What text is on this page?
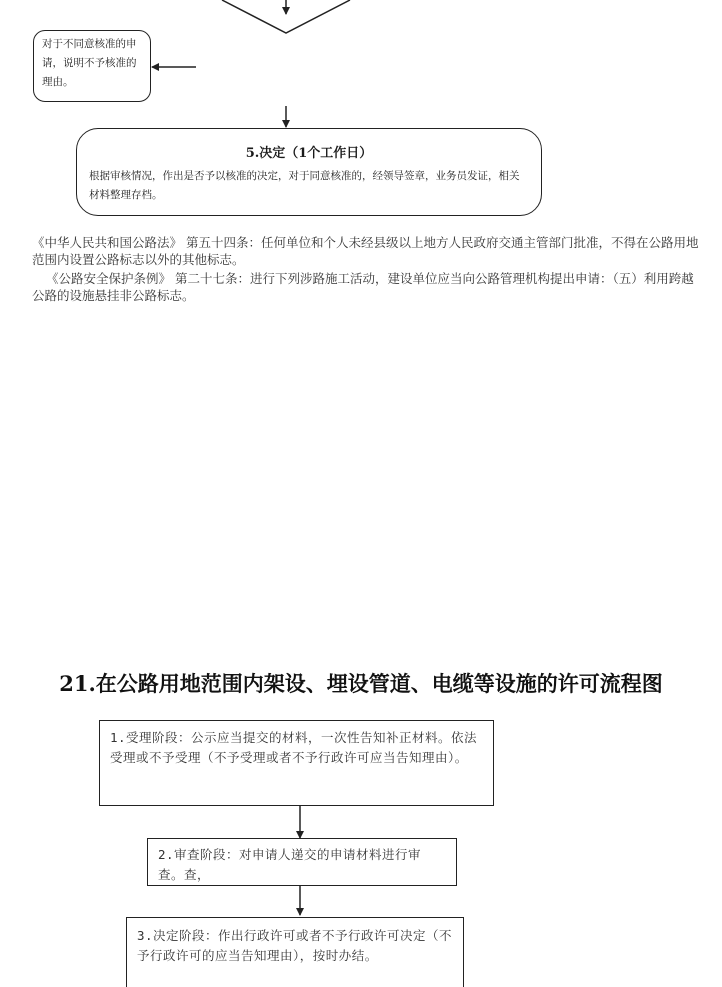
对于不同意核准的申请，说明不予核准的理由。
5.决定（1个工作日）
根据审核情况，作出是否予以核准的决定，对于同意核准的，经领导签章，业务员发证，相关材料整理存档。
《中华人民共和国公路法》 第五十四条：任何单位和个人未经县级以上地方人民政府交通主管部门批准，不得在公路用地范围内设置公路标志以外的其他标志。
《公路安全保护条例》 第二十七条：进行下列涉路施工活动，建设单位应当向公路管理机构提出申请：（五）利用跨越公路的设施悬挂非公路标志。
21.在公路用地范围内架设、埋设管道、电缆等设施的许可流程图
1.受理阶段：公示应当提交的材料，一次性告知补正材料。依法受理或不予受理（不予受理或者不予行政许可应当告知理由）。
2.审查阶段：对申请人递交的申请材料进行审查。查，
3.决定阶段：作出行政许可或者不予行政许可决定（不予行政许可的应当告知理由），按时办结。
